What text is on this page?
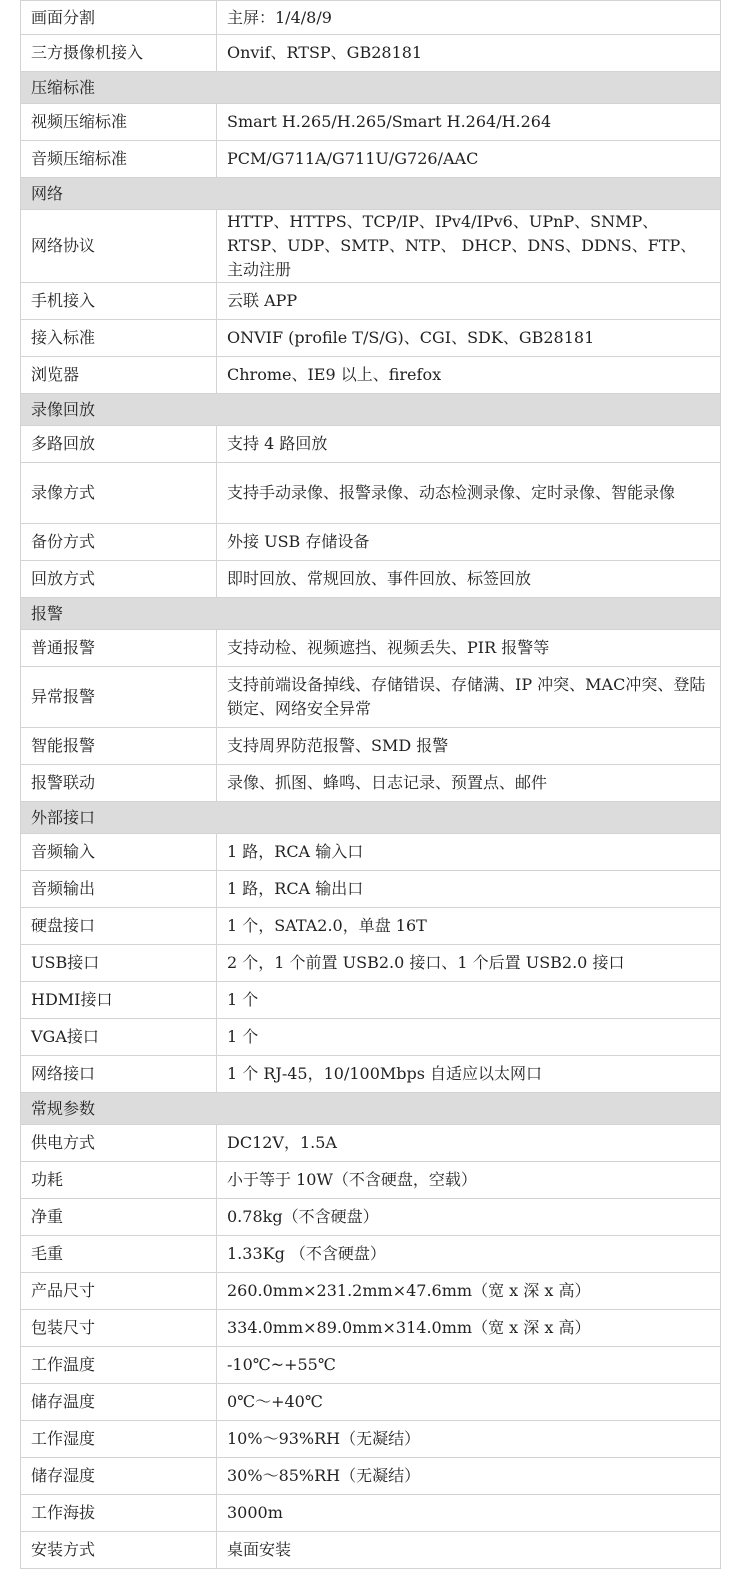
画面分割	主屏：1/4/8/9
三方摄像机接入	Onvif、RTSP、GB28181
压缩标准	
视频压缩标准	Smart H.265/H.265/Smart H.264/H.264
音频压缩标准	PCM/G711A/G711U/G726/AAC
网络	
网络协议	HTTP、HTTPS、TCP/IP、IPv4/IPv6、UPnP、SNMP、RTSP、UDP、SMTP、NTP、 DHCP、DNS、DDNS、FTP、主动注册
手机接入	云联 APP
接入标准	ONVIF (profile T/S/G)、CGI、SDK、GB28181
浏览器	Chrome、IE9 以上、firefox
录像回放	
多路回放	支持 4 路回放
录像方式	支持手动录像、报警录像、动态检测录像、定时录像、智能录像
备份方式	外接 USB 存储设备
回放方式	即时回放、常规回放、事件回放、标签回放
报警	
普通报警	支持动检、视频遮挡、视频丢失、PIR 报警等
异常报警	支持前端设备掉线、存储错误、存储满、IP 冲突、MAC冲突、登陆锁定、网络安全异常
智能报警	支持周界防范报警、SMD 报警
报警联动	录像、抓图、蜂鸣、日志记录、预置点、邮件
外部接口	
音频输入	1 路，RCA 输入口
音频输出	1 路，RCA 输出口
硬盘接口	1 个，SATA2.0，单盘 16T
USB接口	2 个，1 个前置 USB2.0 接口、1 个后置 USB2.0 接口
HDMI接口	1 个
VGA接口	1 个
网络接口	1 个 RJ-45，10/100Mbps 自适应以太网口
常规参数	
供电方式	DC12V，1.5A
功耗	小于等于 10W（不含硬盘，空载）
净重	0.78kg（不含硬盘）
毛重	1.33Kg （不含硬盘）
产品尺寸	260.0mm×231.2mm×47.6mm（宽 x 深 x 高）
包装尺寸	334.0mm×89.0mm×314.0mm（宽 x 深 x 高）
工作温度	-10℃~+55℃
储存温度	0℃～+40℃
工作湿度	10%～93%RH（无凝结）
储存湿度	30%～85%RH（无凝结）
工作海拔	3000m
安装方式	桌面安装
